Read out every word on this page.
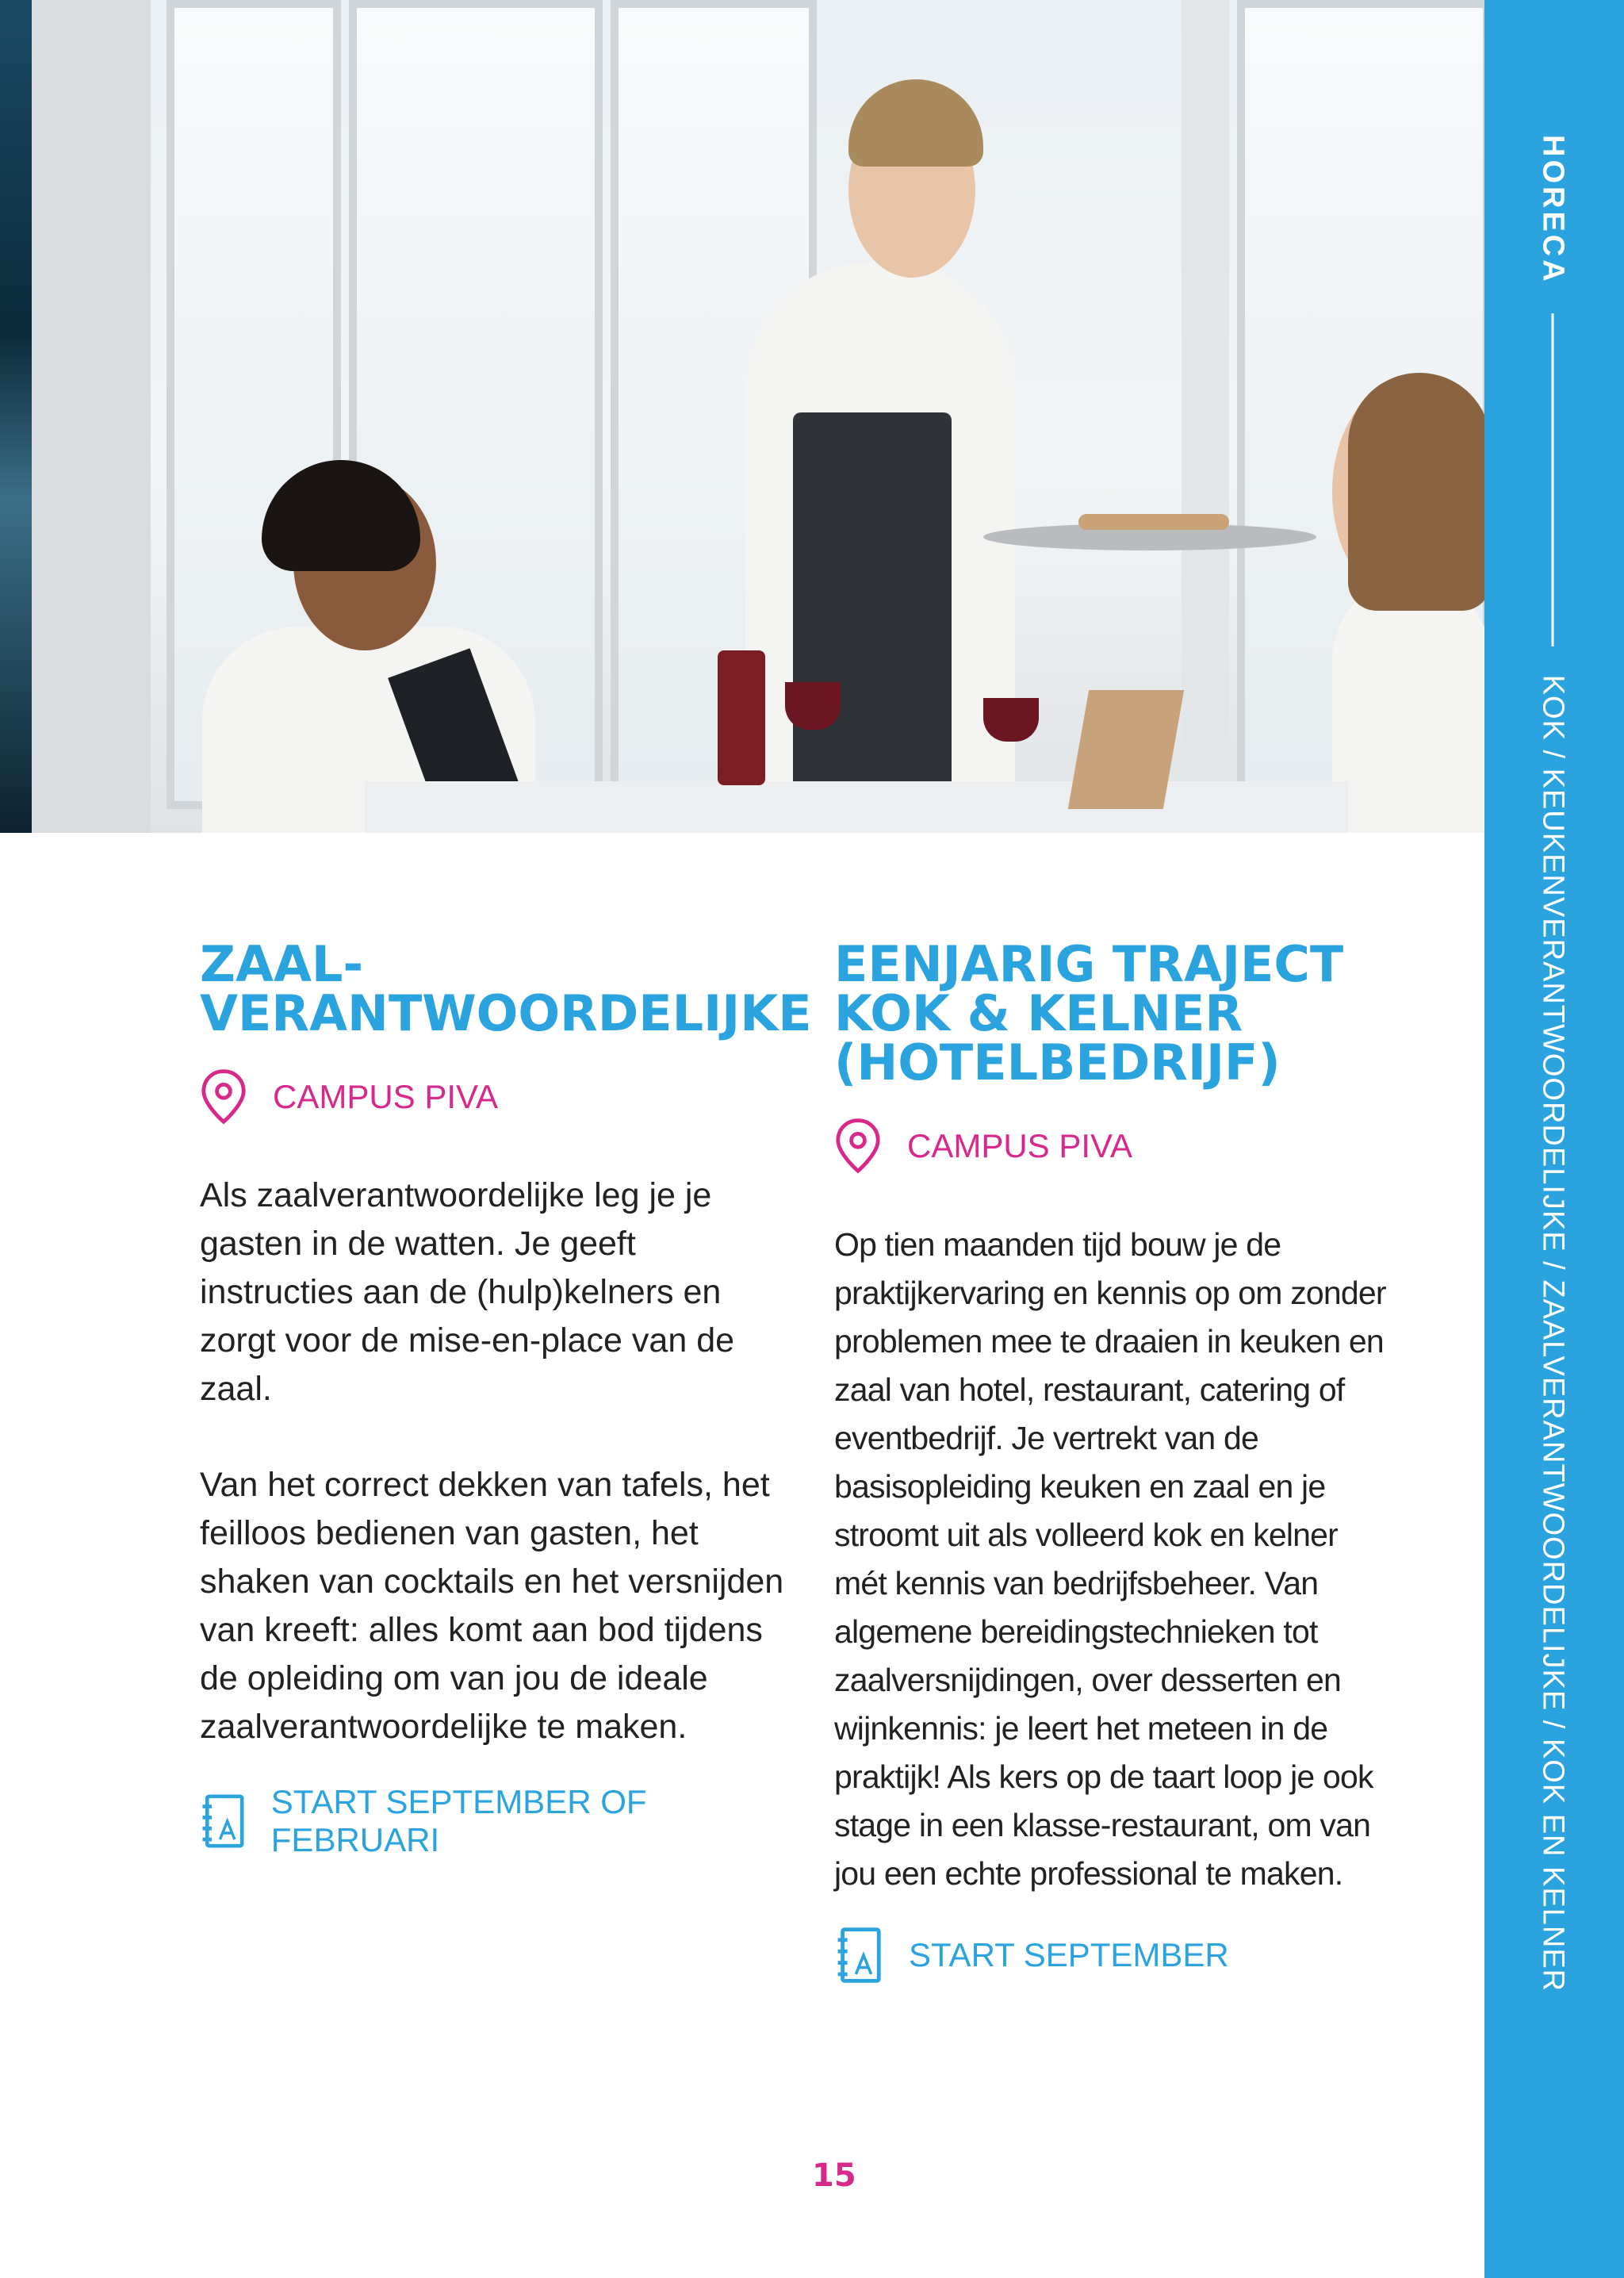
HORECA
KOK / KEUKENVERANTWOORDELIJKE / ZAALVERANTWOORDELIJKE / KOK EN KELNER
ZAAL-
VERANTWOORDELIJKE
CAMPUS PIVA

Als zaalverantwoordelijke leg je je gasten in de watten. Je geeft instructies aan de (hulp)kelners en zorgt voor de mise-en-place van de zaal.

Van het correct dekken van tafels, het feilloos bedienen van gasten, het shaken van cocktails en het versnijden van kreeft: alles komt aan bod tijdens de opleiding om van jou de ideale zaalverantwoordelijke te maken.

START SEPTEMBER OF FEBRUARI
EENJARIG TRAJECT
KOK & KELNER
(HOTELBEDRIJF)
CAMPUS PIVA

Op tien maanden tijd bouw je de praktijkervaring en kennis op om zonder problemen mee te draaien in keuken en zaal van hotel, restaurant, catering of eventbedrijf. Je vertrekt van de basisopleiding keuken en zaal en je stroomt uit als volleerd kok en kelner mét kennis van bedrijfsbeheer. Van algemene bereidingstechnieken tot zaalversnijdingen, over desserten en wijnkennis: je leert het meteen in de praktijk! Als kers op de taart loop je ook stage in een klasse-restaurant, om van jou een echte professional te maken.

START SEPTEMBER
15
